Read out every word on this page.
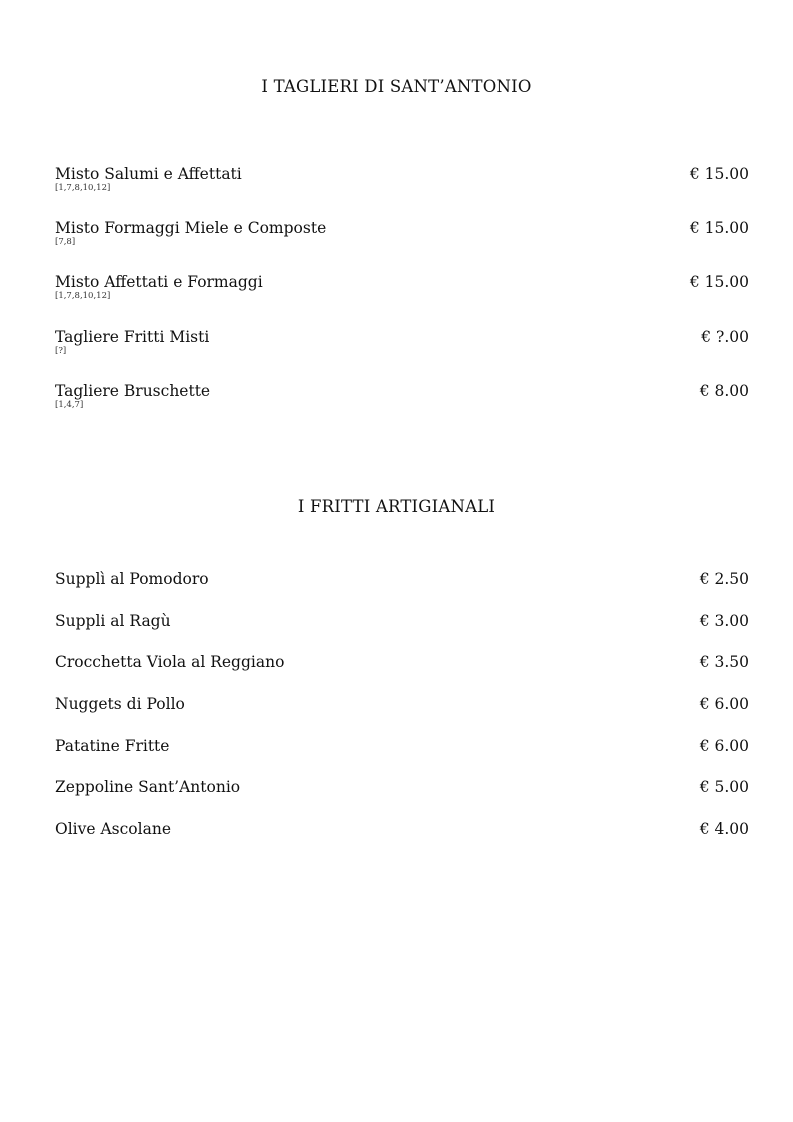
I TAGLIERI DI SANT’ANTONIO
Misto Salumi e Affettati
[1,7,8,10,12]
€ 15.00
Misto Formaggi Miele e Composte
[7,8]
€ 15.00
Misto Affettati e Formaggi
[1,7,8,10,12]
€ 15.00
Tagliere Fritti Misti
[?]
€ ?.00
Tagliere Bruschette
[1,4,7]
€ 8.00
I FRITTI ARTIGIANALI
Supplì al Pomodoro	€ 2.50
Suppli al Ragù	€ 3.00
Crocchetta Viola al Reggiano	€ 3.50
Nuggets di Pollo	€ 6.00
Patatine Fritte	€ 6.00
Zeppoline Sant’Antonio	€ 5.00
Olive Ascolane	€ 4.00
